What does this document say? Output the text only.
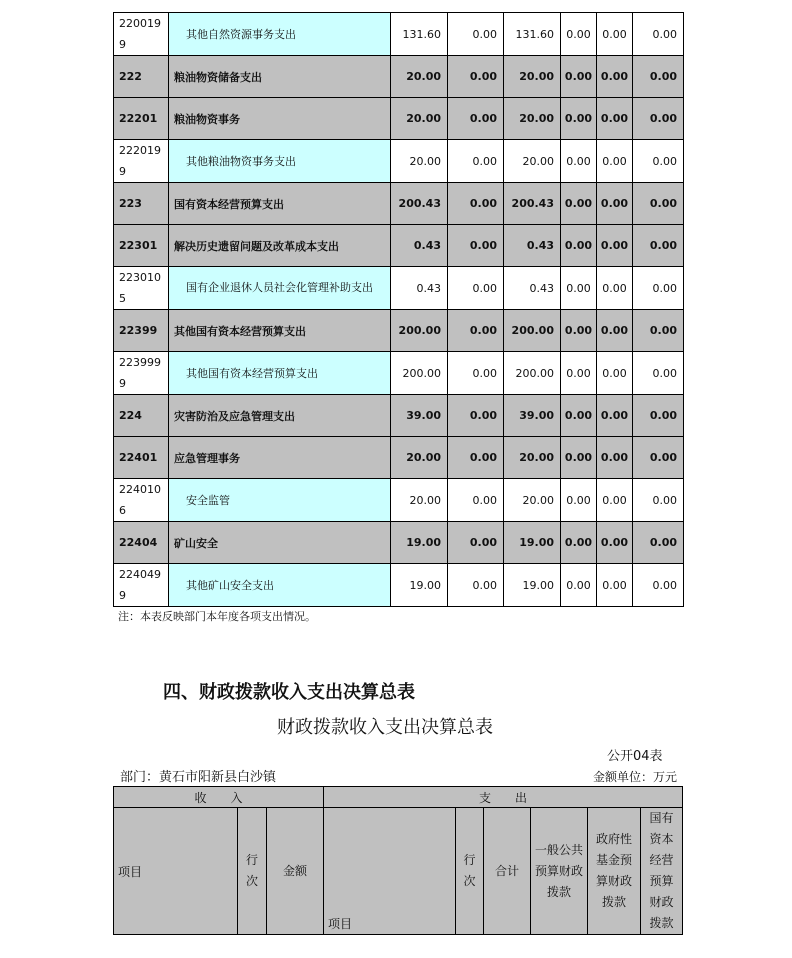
2200199	其他自然资源事务支出	131.60	0.00	131.60	0.00	0.00	0.00
222	粮油物资储备支出	20.00	0.00	20.00	0.00	0.00	0.00
22201	粮油物资事务	20.00	0.00	20.00	0.00	0.00	0.00
2220199	其他粮油物资事务支出	20.00	0.00	20.00	0.00	0.00	0.00
223	国有资本经营预算支出	200.43	0.00	200.43	0.00	0.00	0.00
22301	解决历史遗留问题及改革成本支出	0.43	0.00	0.43	0.00	0.00	0.00
2230105	国有企业退休人员社会化管理补助支出	0.43	0.00	0.43	0.00	0.00	0.00
22399	其他国有资本经营预算支出	200.00	0.00	200.00	0.00	0.00	0.00
2239999	其他国有资本经营预算支出	200.00	0.00	200.00	0.00	0.00	0.00
224	灾害防治及应急管理支出	39.00	0.00	39.00	0.00	0.00	0.00
22401	应急管理事务	20.00	0.00	20.00	0.00	0.00	0.00
2240106	安全监管	20.00	0.00	20.00	0.00	0.00	0.00
22404	矿山安全	19.00	0.00	19.00	0.00	0.00	0.00
2240499	其他矿山安全支出	19.00	0.00	19.00	0.00	0.00	0.00
注：本表反映部门本年度各项支出情况。
四、财政拨款收入支出决算总表
财政拨款收入支出决算总表
公开04表
部门：黄石市阳新县白沙镇	金额单位：万元
收　　入			支　　出					
项目	行次	金额	项目	行次	合计	一般公共预算财政拨款	政府性基金预算财政拨款	国有资本经营预算财政拨款
